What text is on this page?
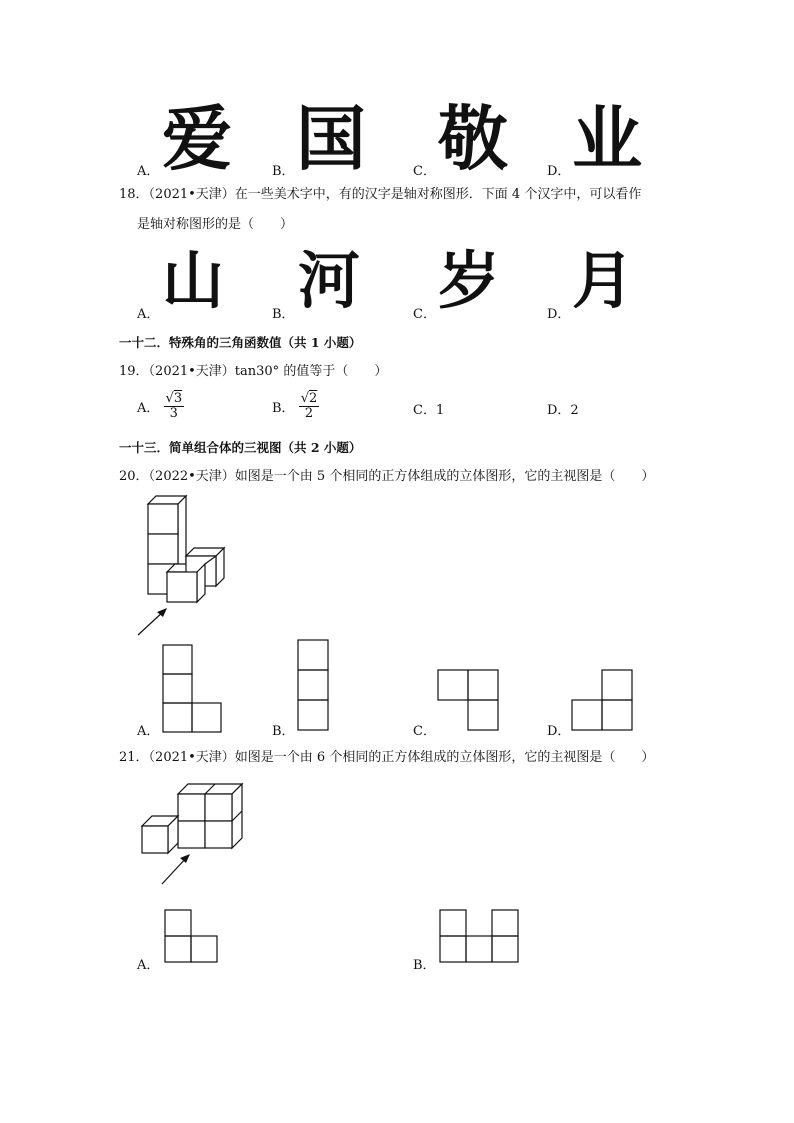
A． 爱	B． 国	C． 敬	D． 业
18．（2021•天津）在一些美术字中，有的汉字是轴对称图形．下面 4 个汉字中，可以看作
是轴对称图形的是（　　）
A． 山	B． 河	C． 岁	D． 月
一十二．特殊角的三角函数值（共 1 小题）
19．（2021•天津）tan30° 的值等于（　　）
A． $\frac{√3}{3}$	B． $\frac{√2}{2}$	C．1	D．2
一十三．简单组合体的三视图（共 2 小题）
20．（2022•天津）如图是一个由 5 个相同的正方体组成的立体图形，它的主视图是（　　）
A．	B．	C．	D．
21．（2021•天津）如图是一个由 6 个相同的正方体组成的立体图形，它的主视图是（　　）
A．	B．
